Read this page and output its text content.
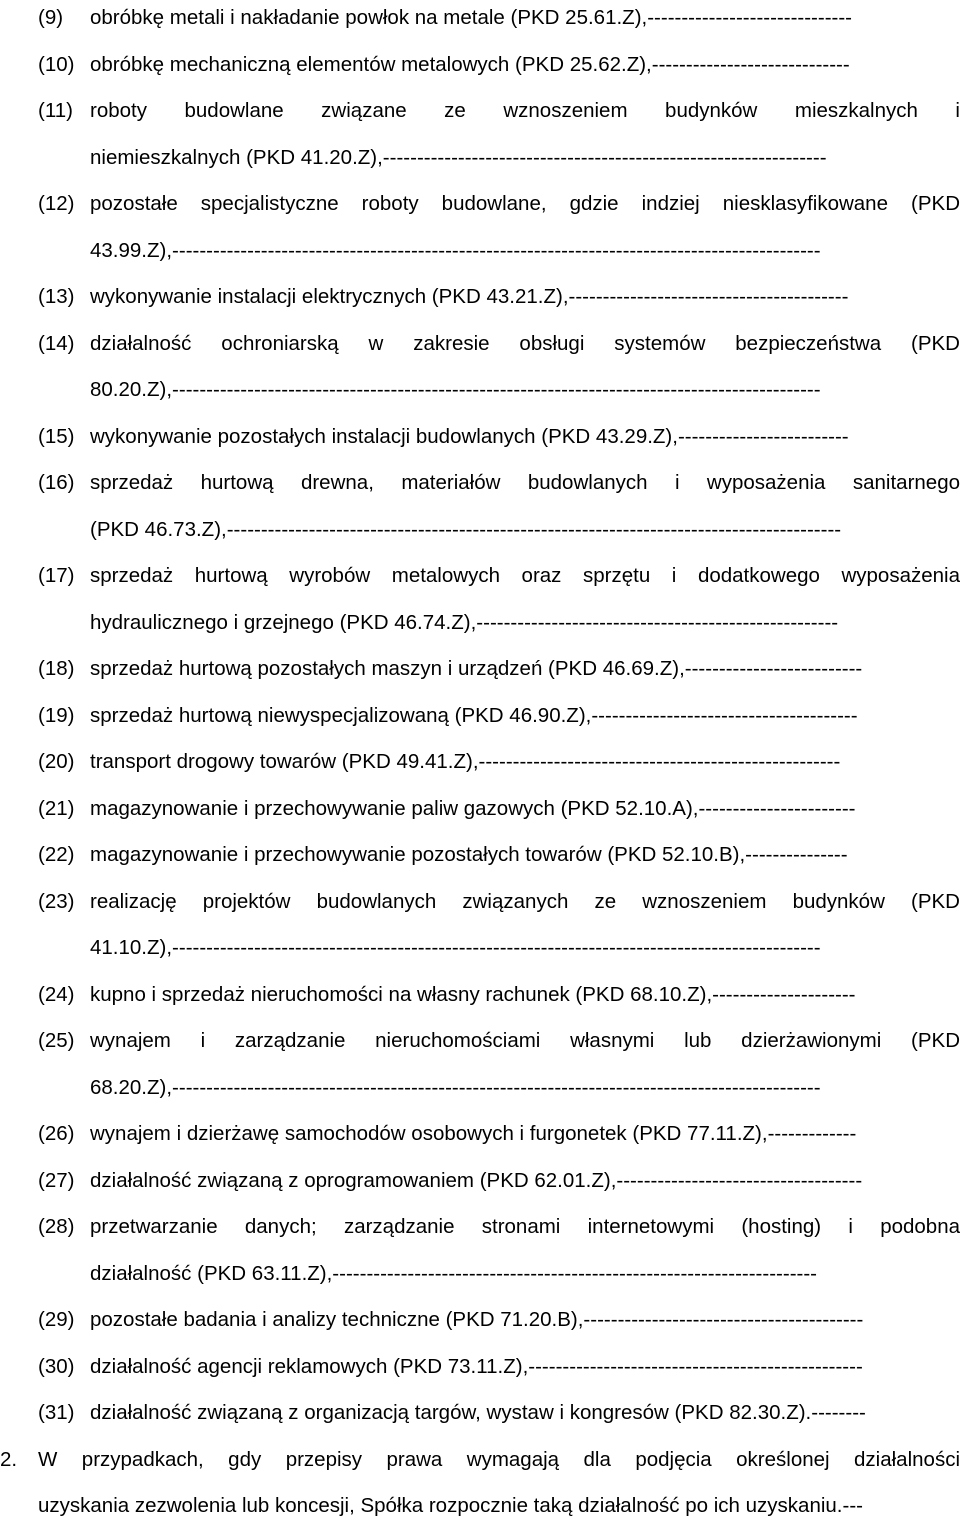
(9) obróbkę metali i nakładanie powłok na metale (PKD 25.61.Z),------------------------------
(10) obróbkę mechaniczną elementów metalowych (PKD 25.62.Z),-----------------------------
(11) roboty budowlane związane ze wznoszeniem budynków mieszkalnych i
niemieszkalnych (PKD 41.20.Z),-----------------------------------------------------------------
(12) pozostałe specjalistyczne roboty budowlane, gdzie indziej niesklasyfikowane (PKD
43.99.Z),-----------------------------------------------------------------------------------------------
(13) wykonywanie instalacji elektrycznych (PKD 43.21.Z),-----------------------------------------
(14) działalność ochroniarską w zakresie obsługi systemów bezpieczeństwa (PKD
80.20.Z),-----------------------------------------------------------------------------------------------
(15) wykonywanie pozostałych instalacji budowlanych (PKD 43.29.Z),-------------------------
(16) sprzedaż hurtową drewna, materiałów budowlanych i wyposażenia sanitarnego
(PKD 46.73.Z),------------------------------------------------------------------------------------------
(17) sprzedaż hurtową wyrobów metalowych oraz sprzętu i dodatkowego wyposażenia
hydraulicznego i grzejnego (PKD 46.74.Z),-----------------------------------------------------
(18) sprzedaż hurtową pozostałych maszyn i urządzeń (PKD 46.69.Z),--------------------------
(19) sprzedaż hurtową niewyspecjalizowaną (PKD 46.90.Z),---------------------------------------
(20) transport drogowy towarów (PKD 49.41.Z),-----------------------------------------------------
(21) magazynowanie i przechowywanie paliw gazowych (PKD 52.10.A),-----------------------
(22) magazynowanie i przechowywanie pozostałych towarów (PKD 52.10.B),---------------
(23) realizację projektów budowlanych związanych ze wznoszeniem budynków (PKD
41.10.Z),-----------------------------------------------------------------------------------------------
(24) kupno i sprzedaż nieruchomości na własny rachunek (PKD 68.10.Z),---------------------
(25) wynajem i zarządzanie nieruchomościami własnymi lub dzierżawionymi (PKD
68.20.Z),-----------------------------------------------------------------------------------------------
(26) wynajem i dzierżawę samochodów osobowych i furgonetek (PKD 77.11.Z),-------------
(27) działalność związaną z oprogramowaniem (PKD 62.01.Z),------------------------------------
(28) przetwarzanie danych; zarządzanie stronami internetowymi (hosting) i podobna
działalność (PKD 63.11.Z),-----------------------------------------------------------------------
(29) pozostałe badania i analizy techniczne (PKD 71.20.B),-----------------------------------------
(30) działalność agencji reklamowych (PKD 73.11.Z),-------------------------------------------------
(31) działalność związaną z organizacją targów, wystaw i kongresów (PKD 82.30.Z).--------
2. W przypadkach, gdy przepisy prawa wymagają dla podjęcia określonej działalności
uzyskania zezwolenia lub koncesji, Spółka rozpocznie taką działalność po ich uzyskaniu.---
